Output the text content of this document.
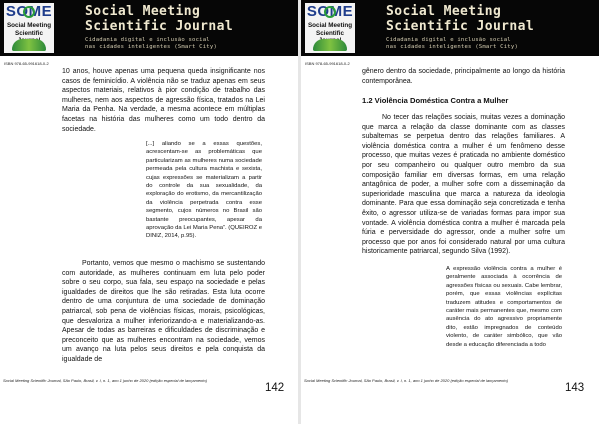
SOME
Social Meeting
Scientific
Social Meeting
Scientific Journal
Cidadania digital e inclusão social
nas cidades inteligentes (Smart City)
ISBN 978-65-991618-0-2

10 anos, houve apenas uma pequena queda insignificante nos casos de feminicídio. A violência não se traduz apenas em seus aspectos materiais, relativos à pior condição de trabalho das mulheres, nem aos aspectos de agressão física, tratados na Lei Maria da Penha. Na verdade, a mesma acontece em múltiplas facetas na história das mulheres como um todo dentro da sociedade.

[...] aliando se a essas questões, acrescentam-se as problemáticas que particularizam as mulheres numa sociedade permeada pela cultura machista e sexista, cujas expressões se materializam a partir do controle da sua sexualidade, da exploração do erotismo, da mercantilização da violência perpetrada contra esse segmento, cujos números no Brasil são bastante preocupantes, apesar da aprovação da Lei Maria Pena”. (QUEIROZ e DINIZ, 2014, p.95).

Portanto, vemos que mesmo o machismo se sustentando com autoridade, as mulheres continuam em luta pelo poder sobre o seu corpo, sua fala, seu espaço na sociedade e pelas igualdades de direitos que lhe são retiradas. Esta luta ocorre dentro de uma conjuntura de uma sociedade de dominação patriarcal, sob pena de violências físicas, morais, psicológicas, que desvaloriza a mulher inferiorizando-a e materializando-as. Apesar de todas as barreiras e dificuldades de discriminação e preconceito que as mulheres encontram na sociedade, vemos um avanço na luta pelos seus direitos e pela conquista da igualdade de

Social Meeting Scientific Journal, São Paulo, Brasil, v. I, n. 1, ano 1 junho de 2020 (edição especial de lançamento)
142
SOME
Social Meeting
Scientific
Social Meeting
Scientific Journal
Cidadania digital e inclusão social
nas cidades inteligentes (Smart City)
ISBN 978-65-991618-0-2

gênero dentro da sociedade, principalmente ao longo da história contemporânea.

1.2 Violência Doméstica Contra a Mulher

No tecer das relações sociais, muitas vezes a dominação que marca a relação da classe dominante com as classes subalternas se perpetua dentro das relações familiares. A violência doméstica contra a mulher é um fenômeno desse processo, que muitas vezes é praticada no ambiente doméstico por seu companheiro ou qualquer outro membro da sua composição familiar em diversas formas, em uma relação antagônica de poder, a mulher sofre com a disseminação da superioridade masculina que marca a natureza da ideologia dominante. Para que essa dominação seja concretizada e tenha êxito, o agressor utiliza-se de variadas formas para impor sua vontade. A violência doméstica contra a mulher é marcada pela fúria e perversidade do agressor, onde a mulher sofre um processo que por anos foi considerado natural por uma cultura historicamente patriarcal, segundo Silva (1992).

A expressão violência contra a mulher é geralmente associada à ocorrência de agressões físicas ou sexuais. Cabe lembrar, porém, que essas violências explícitas traduzem atitudes e comportamentos de caráter mais permanentes que, mesmo com ausência do ato agressivo propriamente dito, estão impregnados de conteúdo violento, de caráter simbólico, que vão desde a educação diferenciada a todo

Social Meeting Scientific Journal, São Paulo, Brasil, v. I, n. 1, ano 1 junho de 2020 (edição especial de lançamento)
143
